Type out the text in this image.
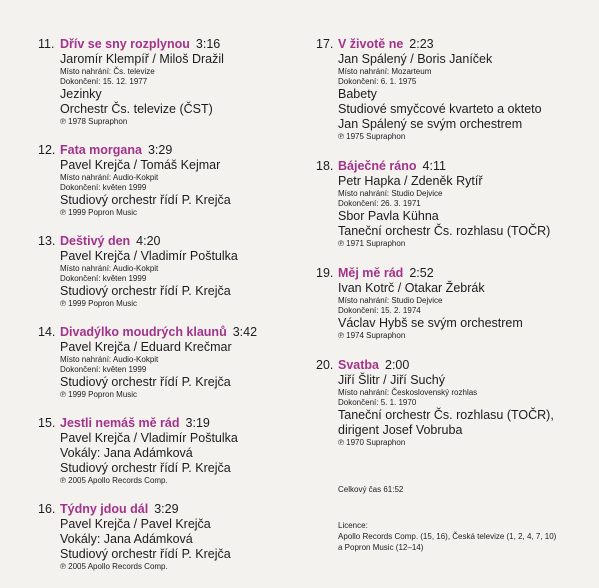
11. Dřív se sny rozplynou 3:16
Jaromír Klempíř / Miloš Dražil
Místo nahrání: Čs. televize
Dokončení: 15. 12. 1977
Jezinky
Orchestr Čs. televize (ČST)
℗ 1978 Supraphon
12. Fata morgana 3:29
Pavel Krejča / Tomáš Kejmar
Místo nahrání: Audio-Kokpit
Dokončení: květen 1999
Studiový orchestr řídí P. Krejča
℗ 1999 Popron Music
13. Deštivý den 4:20
Pavel Krejča / Vladimír Poštulka
Místo nahrání: Audio-Kokpit
Dokončení: květen 1999
Studiový orchestr řídí P. Krejča
℗ 1999 Popron Music
14. Divadýlko moudrých klaunů 3:42
Pavel Krejča / Eduard Krečmar
Místo nahrání: Audio-Kokpit
Dokončení: květen 1999
Studiový orchestr řídí P. Krejča
℗ 1999 Popron Music
15. Jestli nemáš mě rád 3:19
Pavel Krejča / Vladimír Poštulka
Vokály: Jana Adámková
Studiový orchestr řídí P. Krejča
℗ 2005 Apollo Records Comp.
16. Týdny jdou dál 3:29
Pavel Krejča / Pavel Krejča
Vokály: Jana Adámková
Studiový orchestr řídí P. Krejča
℗ 2005 Apollo Records Comp.
17. V životě ne 2:23
Jan Spálený / Boris Janíček
Místo nahrání: Mozarteum
Dokončení: 6. 1. 1975
Babety
Studiové smyčcové kvarteto a okteto
Jan Spálený se svým orchestrem
℗ 1975 Supraphon
18. Báječné ráno 4:11
Petr Hapka / Zdeněk Rytíř
Místo nahrání: Studio Dejvice
Dokončení: 26. 3. 1971
Sbor Pavla Kühna
Taneční orchestr Čs. rozhlasu (TOČR)
℗ 1971 Supraphon
19. Měj mě rád 2:52
Ivan Kotrč / Otakar Žebrák
Místo nahrání: Studio Dejvice
Dokončení: 15. 2. 1974
Václav Hybš se svým orchestrem
℗ 1974 Supraphon
20. Svatba 2:00
Jiří Šlitr / Jiří Suchý
Místo nahrání: Československý rozhlas
Dokončení: 5. 1. 1970
Taneční orchestr Čs. rozhlasu (TOČR),
dirigent Josef Vobruba
℗ 1970 Supraphon
Celkový čas 61:52
Licence:
Apollo Records Comp. (15, 16), Česká televize (1, 2, 4, 7, 10)
a Popron Music (12–14)
